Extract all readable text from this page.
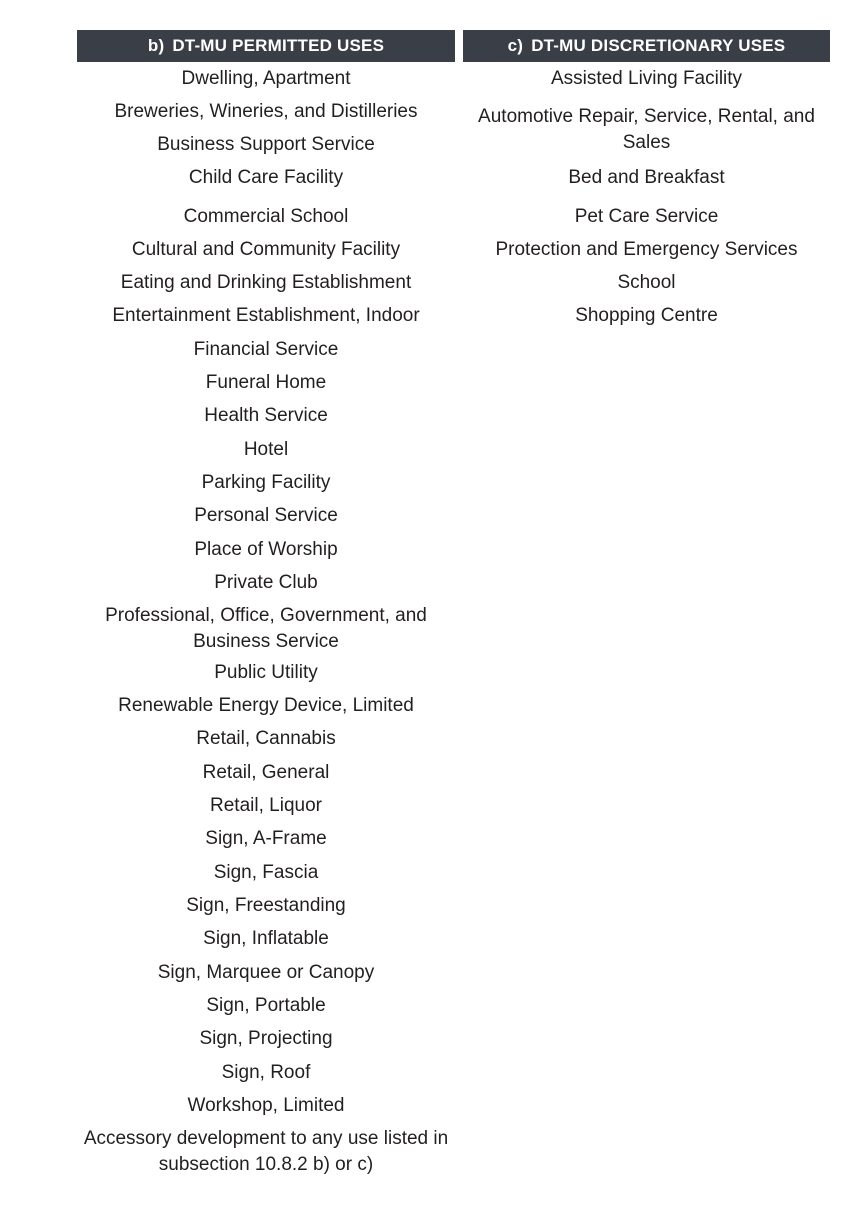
b) DT-MU PERMITTED USES
Dwelling, Apartment
Breweries, Wineries, and Distilleries
Business Support Service
Child Care Facility
Commercial School
Cultural and Community Facility
Eating and Drinking Establishment
Entertainment Establishment, Indoor
Financial Service
Funeral Home
Health Service
Hotel
Parking Facility
Personal Service
Place of Worship
Private Club
Professional, Office, Government, and Business Service
Public Utility
Renewable Energy Device, Limited
Retail, Cannabis
Retail, General
Retail, Liquor
Sign, A-Frame
Sign, Fascia
Sign, Freestanding
Sign, Inflatable
Sign, Marquee or Canopy
Sign, Portable
Sign, Projecting
Sign, Roof
Workshop, Limited
Accessory development to any use listed in subsection 10.8.2 b) or c)
c) DT-MU DISCRETIONARY USES
Assisted Living Facility
Automotive Repair, Service, Rental, and Sales
Bed and Breakfast
Pet Care Service
Protection and Emergency Services
School
Shopping Centre
